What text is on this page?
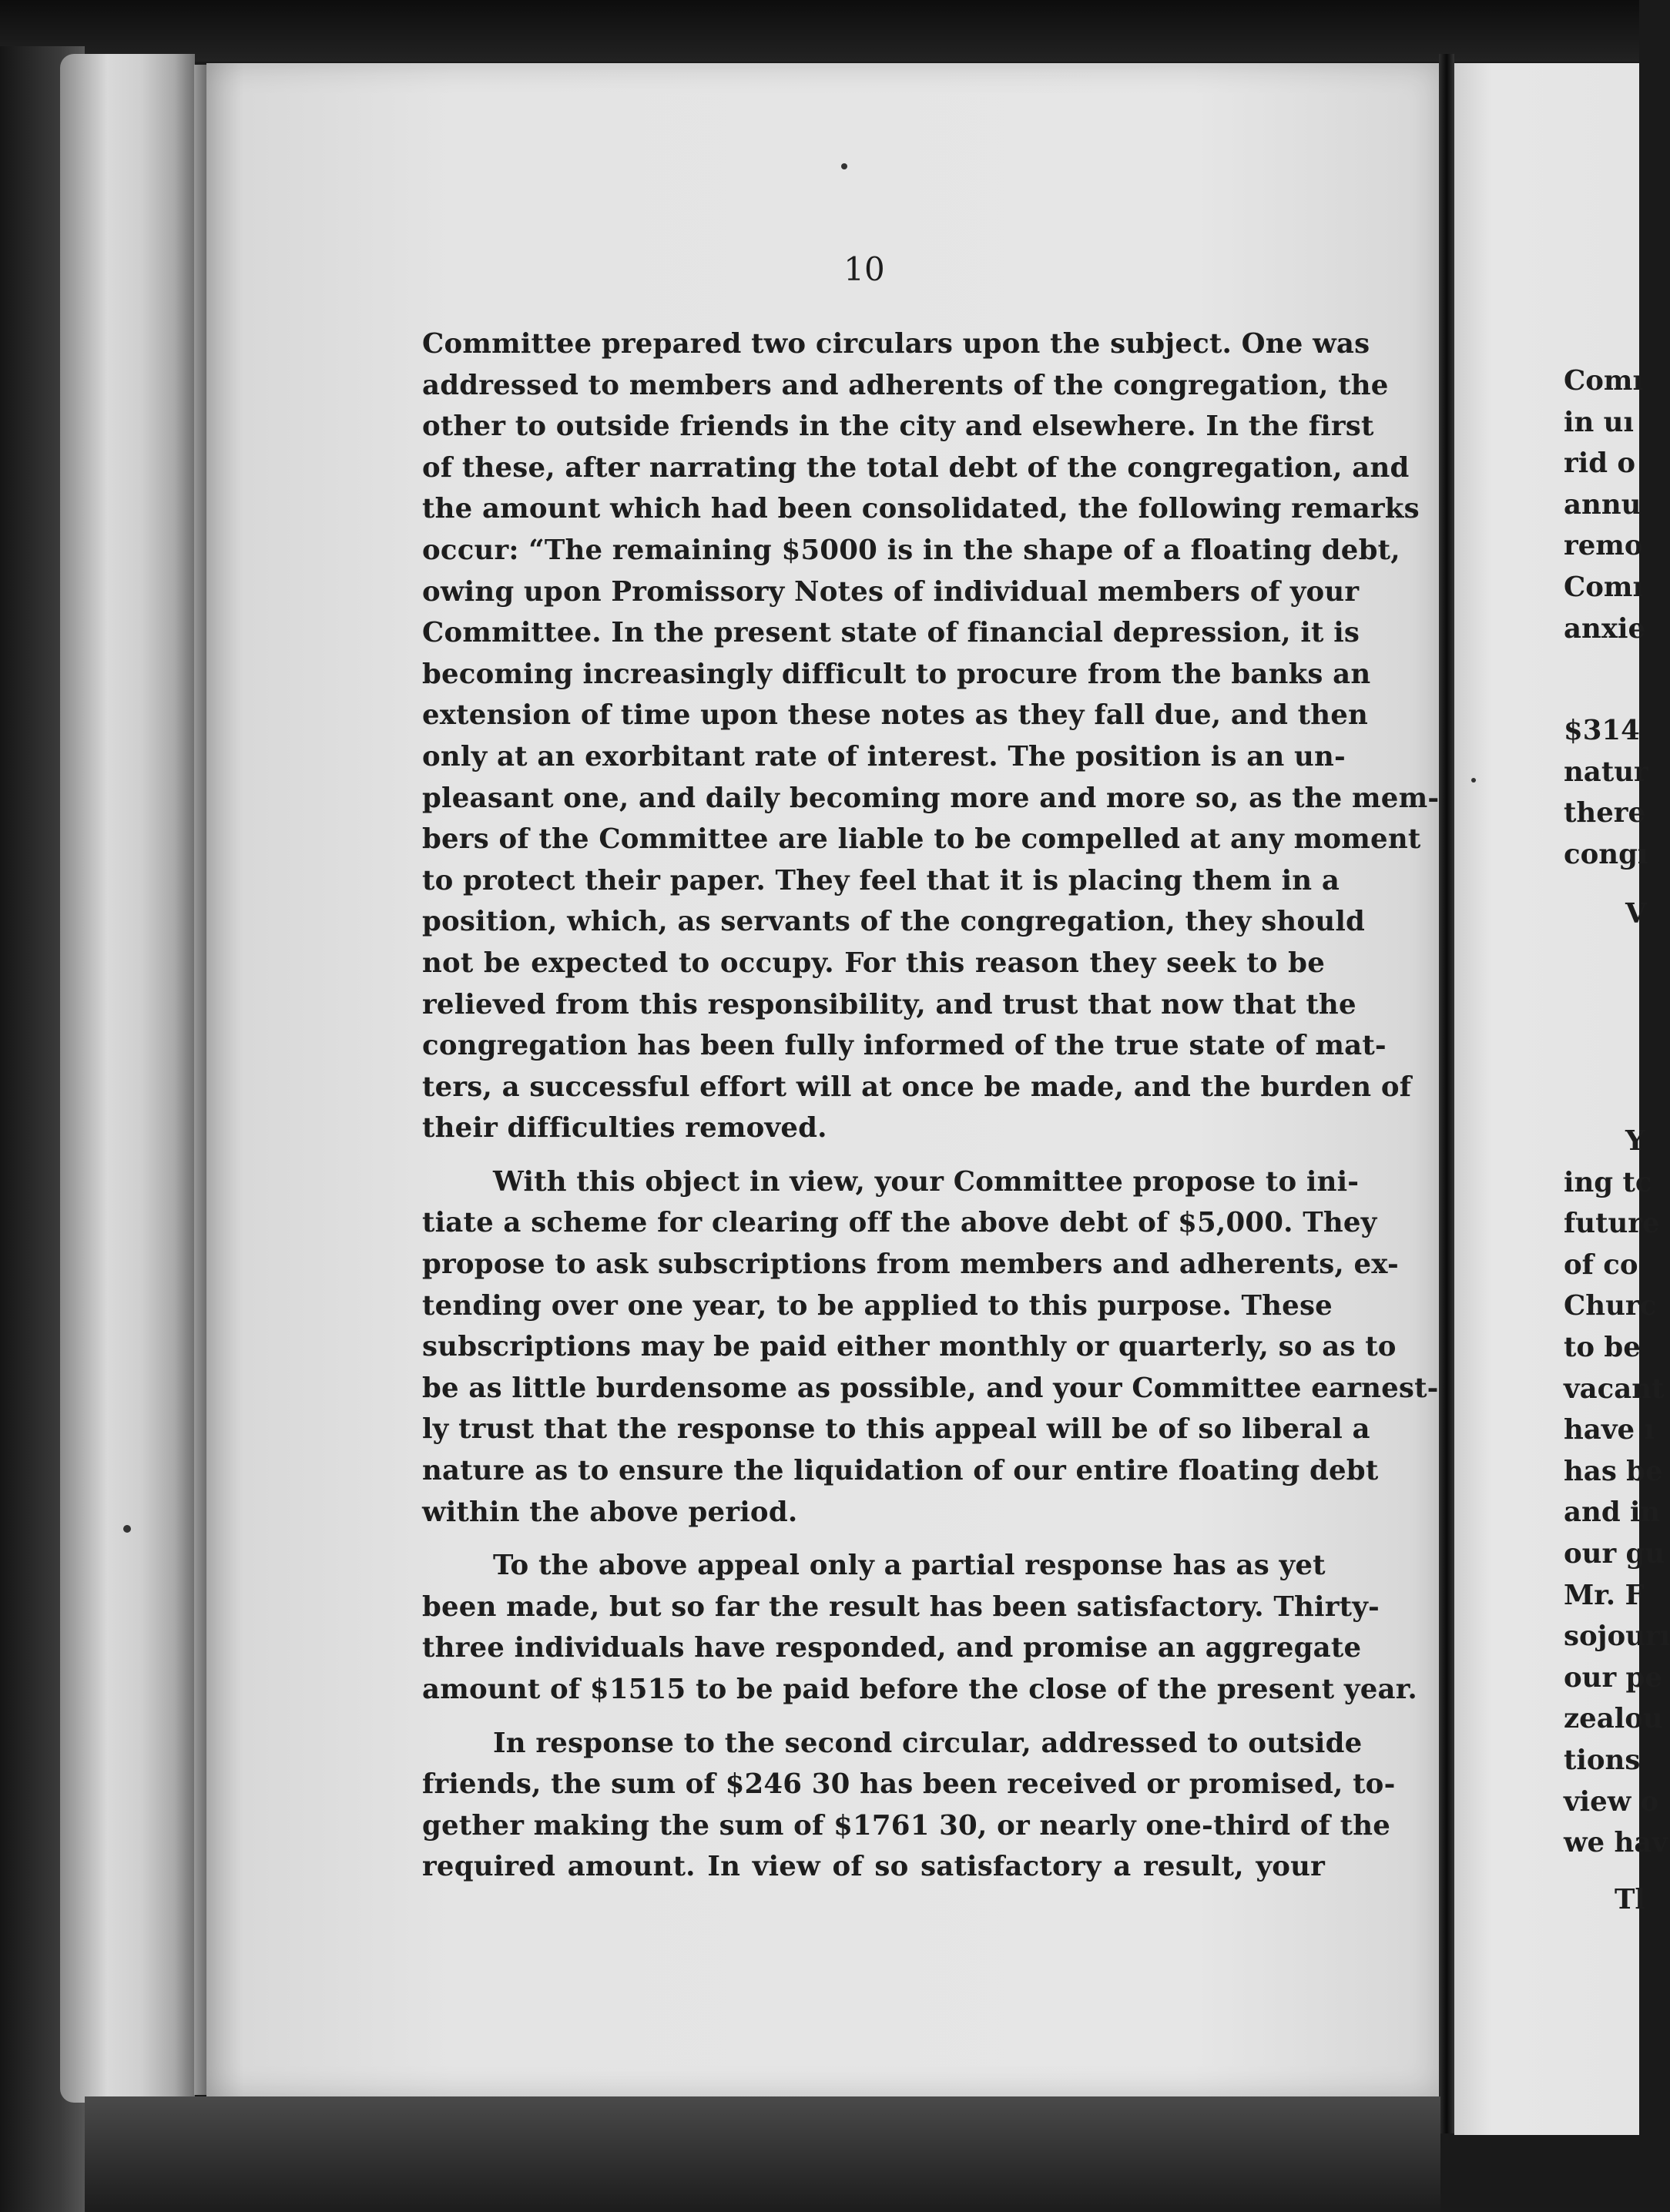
10

Committee prepared two circulars upon the subject. One was
addressed to members and adherents of the congregation, the
other to outside friends in the city and elsewhere. In the first
of these, after narrating the total debt of the congregation, and
the amount which had been consolidated, the following remarks
occur: “The remaining $5000 is in the shape of a floating debt,
owing upon Promissory Notes of individual members of your
Committee. In the present state of financial depression, it is
becoming increasingly difficult to procure from the banks an
extension of time upon these notes as they fall due, and then
only at an exorbitant rate of interest. The position is an un-
pleasant one, and daily becoming more and more so, as the mem-
bers of the Committee are liable to be compelled at any moment
to protect their paper. They feel that it is placing them in a
position, which, as servants of the congregation, they should
not be expected to occupy. For this reason they seek to be
relieved from this responsibility, and trust that now that the
congregation has been fully informed of the true state of mat-
ters, a successful effort will at once be made, and the burden of
their difficulties removed.

With this object in view, your Committee propose to ini-
tiate a scheme for clearing off the above debt of $5,000. They
propose to ask subscriptions from members and adherents, ex-
tending over one year, to be applied to this purpose. These
subscriptions may be paid either monthly or quarterly, so as to
be as little burdensome as possible, and your Committee earnest-
ly trust that the response to this appeal will be of so liberal a
nature as to ensure the liquidation of our entire floating debt
within the above period.

To the above appeal only a partial response has as yet
been made, but so far the result has been satisfactory. Thirty-
three individuals have responded, and promise an aggregate
amount of $1515 to be paid before the close of the present year.

In response to the second circular, addressed to outside
friends, the sum of $246 30 has been received or promised, to-
gether making the sum of $1761 30, or nearly one-third of the
required amount. In view of so satisfactory a result, your

Comı
in uı
rid o
annu
remo
Comı
anxie
$314
natur
there
congı
V
Y
ing tc
future
of co
Churc
to be
vacant
have ı
has be
and in
our gu
Mr. F
sojourı
our pe
zealou
tions
view o
we hav
Tl
